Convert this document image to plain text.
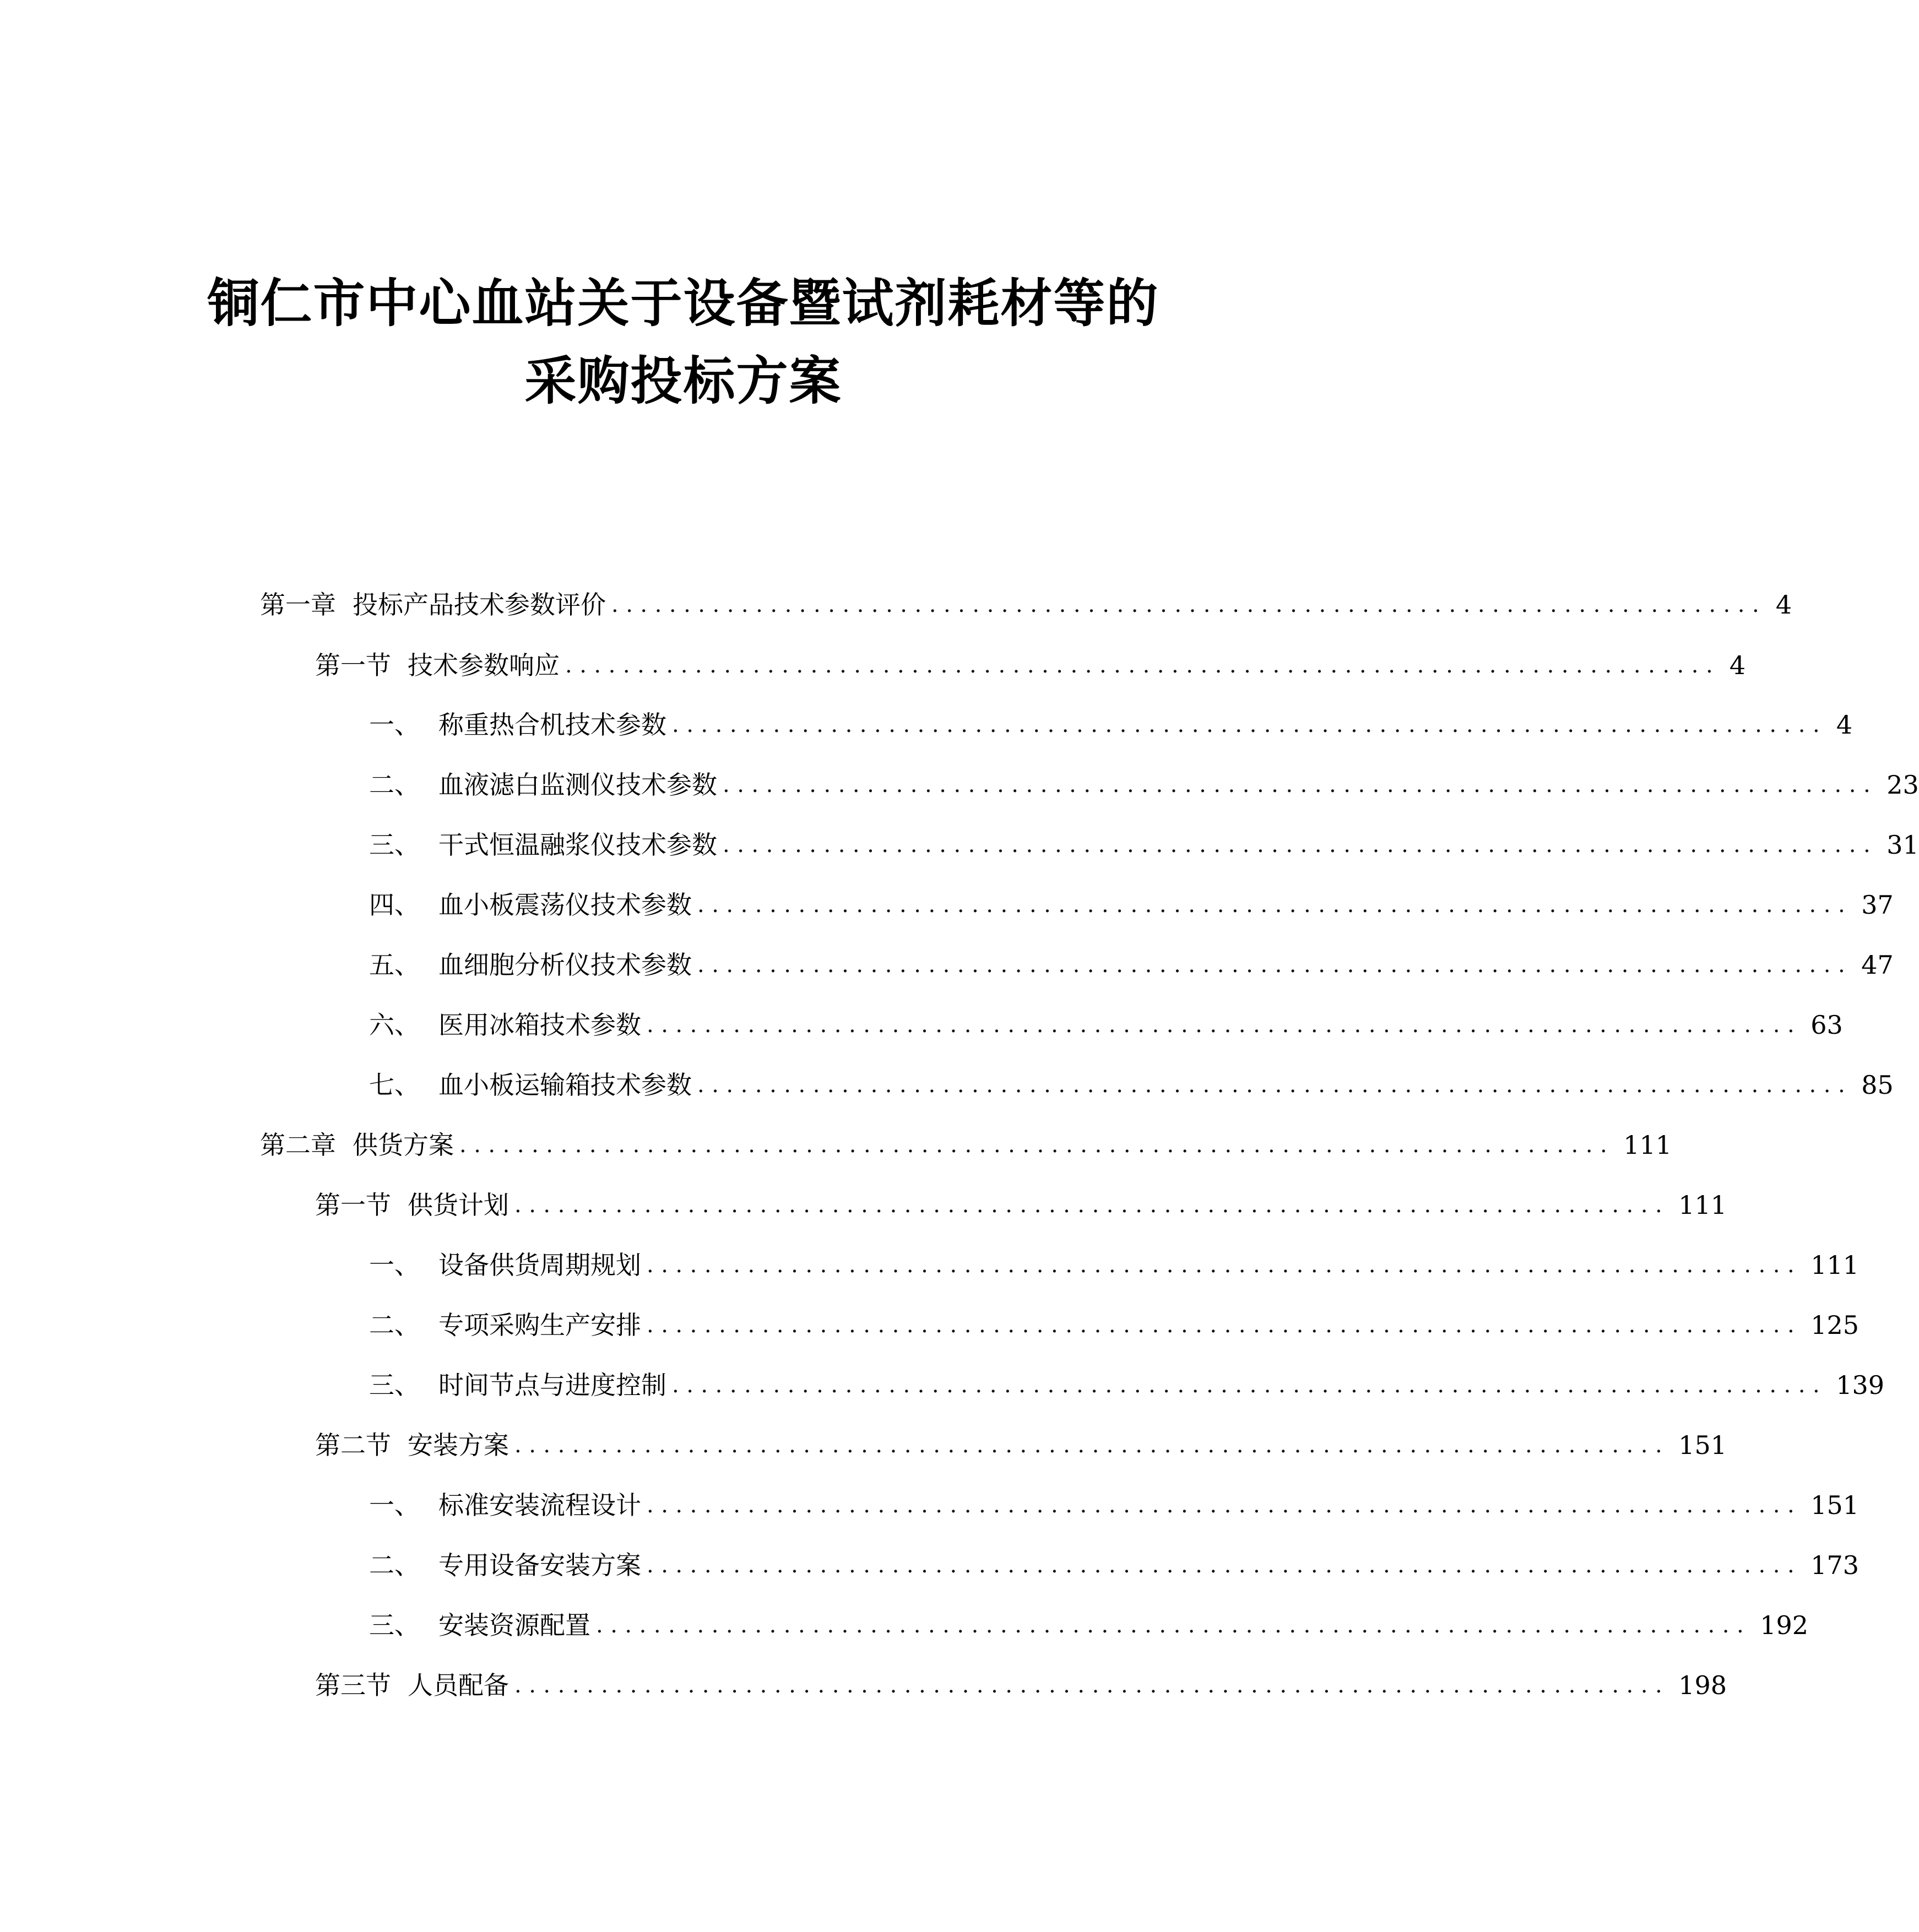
铜仁市中心血站关于设备暨试剂耗材等的
采购投标方案
第一章 投标产品技术参数评价 ................................................................................ 4
第一节 技术参数响应 ................................................................................ 4
一、 称重热合机技术参数 ................................................................................ 4
二、 血液滤白监测仪技术参数 ................................................................................ 23
三、 干式恒温融浆仪技术参数 ................................................................................ 31
四、 血小板震荡仪技术参数 ................................................................................ 37
五、 血细胞分析仪技术参数 ................................................................................ 47
六、 医用冰箱技术参数 ................................................................................ 63
七、 血小板运输箱技术参数 ................................................................................ 85
第二章 供货方案 ................................................................................ 111
第一节 供货计划 ................................................................................ 111
一、 设备供货周期规划 ................................................................................ 111
二、 专项采购生产安排 ................................................................................ 125
三、 时间节点与进度控制 ................................................................................ 139
第二节 安装方案 ................................................................................ 151
一、 标准安装流程设计 ................................................................................ 151
二、 专用设备安装方案 ................................................................................ 173
三、 安装资源配置 ................................................................................ 192
第三节 人员配备 ................................................................................ 198
